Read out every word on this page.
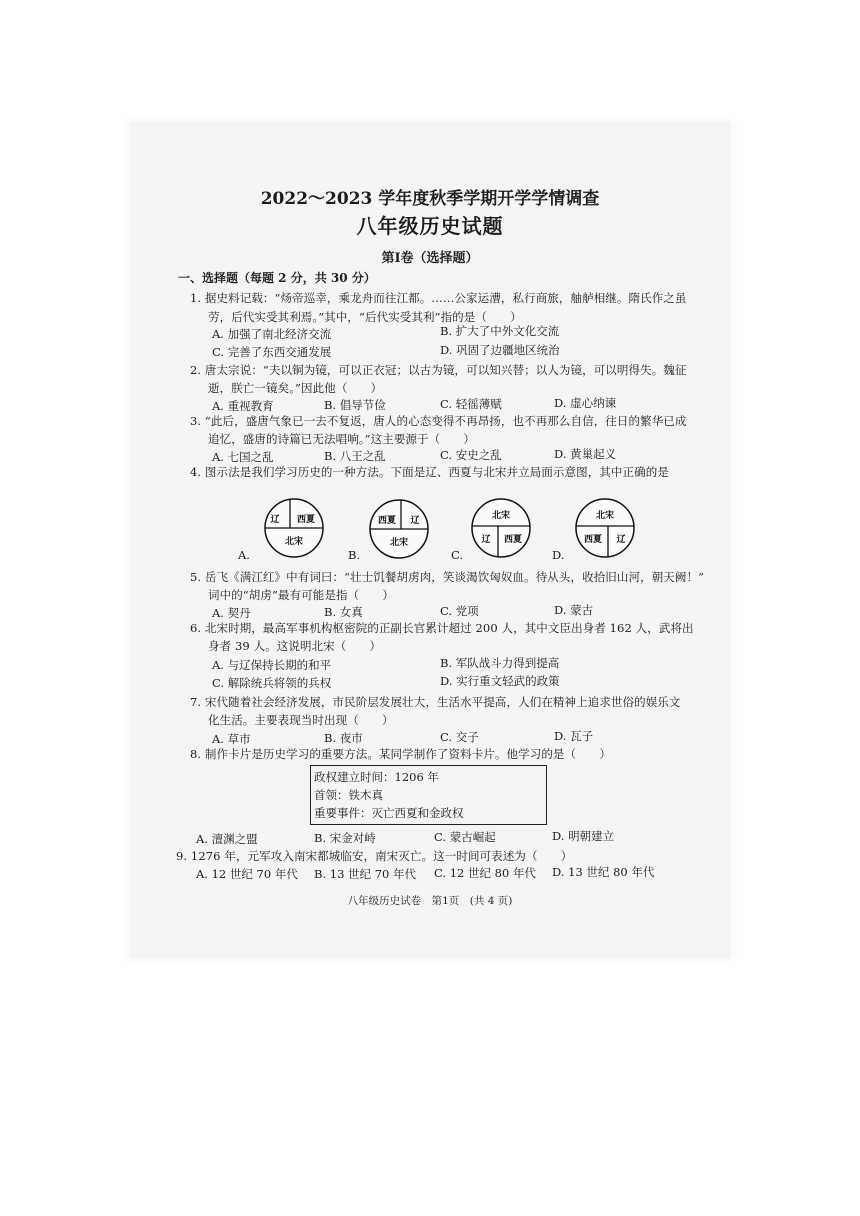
2022～2023 学年度秋季学期开学学情调查
八年级历史试题
第Ⅰ卷（选择题）
一、选择题（每题 2 分，共 30 分）
1. 据史料记载：“炀帝巡幸，乘龙舟而往江都。……公家运漕，私行商旅，舳舻相继。隋氏作之虽
劳，后代实受其利焉。”其中，“后代实受其利”指的是（　　）
A. 加强了南北经济交流	B. 扩大了中外文化交流
C. 完善了东西交通发展	D. 巩固了边疆地区统治
2. 唐太宗说：“夫以铜为镜，可以正衣冠；以古为镜，可以知兴替；以人为镜，可以明得失。魏征
逝，朕亡一镜矣。”因此他（　　）
A. 重视教育	B. 倡导节俭	C. 轻徭薄赋	D. 虚心纳谏
3. “此后，盛唐气象已一去不复返，唐人的心态变得不再昂扬，也不再那么自信，往日的繁华已成
追忆，盛唐的诗篇已无法唱响。”这主要源于（　　）
A. 七国之乱	B. 八王之乱	C. 安史之乱	D. 黄巢起义
4. 图示法是我们学习历史的一种方法。下面是辽、西夏与北宋并立局面示意图，其中正确的是
辽 西夏
北宋
A.
西夏 辽
北宋
B.
北宋
辽 西夏
C.
北宋
西夏 辽
D.
5. 岳飞《满江红》中有词曰：“壮士饥餐胡虏肉，笑谈渴饮匈奴血。待从头，收拾旧山河，朝天阙！”
词中的“胡虏”最有可能是指（　　）
A. 契丹	B. 女真	C. 党项	D. 蒙古
6. 北宋时期，最高军事机构枢密院的正副长官累计超过 200 人，其中文臣出身者 162 人，武将出
身者 39 人。这说明北宋（　　）
A. 与辽保持长期的和平	B. 军队战斗力得到提高
C. 解除统兵将领的兵权	D. 实行重文轻武的政策
7. 宋代随着社会经济发展，市民阶层发展壮大，生活水平提高，人们在精神上追求世俗的娱乐文
化生活。主要表现当时出现（　　）
A. 草市	B. 夜市	C. 交子	D. 瓦子
8. 制作卡片是历史学习的重要方法。某同学制作了资料卡片。他学习的是（　　）
政权建立时间：1206 年
首领：铁木真
重要事件：灭亡西夏和金政权
A. 澶渊之盟	B. 宋金对峙	C. 蒙古崛起	D. 明朝建立
9. 1276 年，元军攻入南宋都城临安，南宋灭亡。这一时间可表述为（　　）
A. 12 世纪 70 年代 B. 13 世纪 70 年代 C. 12 世纪 80 年代 D. 13 世纪 80 年代
八年级历史试卷　第1页　(共 4 页)
